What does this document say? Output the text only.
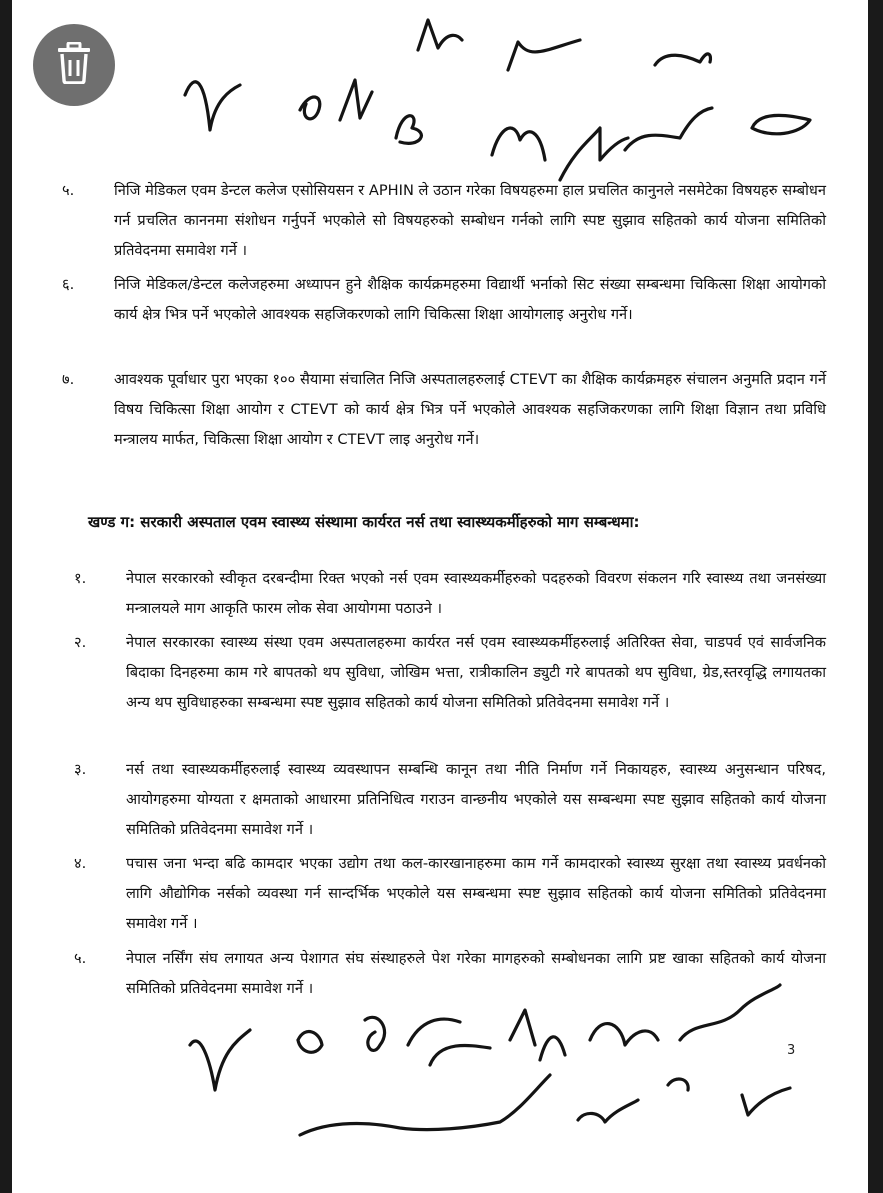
५.	निजि मेडिकल एवम डेन्टल कलेज एसोसियसन र APHIN ले उठान गरेका विषयहरुमा हाल प्रचलित कानुनले नसमेटेका विषयहरु सम्बोधन गर्न प्रचलित काननमा संशोधन गर्नुपर्ने भएकोले सो विषयहरुको सम्बोधन गर्नको लागि स्पष्ट सुझाव सहितको कार्य योजना समितिको प्रतिवेदनमा समावेश गर्ने ।
६.	निजि मेडिकल/डेन्टल कलेजहरुमा अध्यापन हुने शैक्षिक कार्यक्रमहरुमा विद्यार्थी भर्नाको सिट संख्या सम्बन्धमा चिकित्सा शिक्षा आयोगको कार्य क्षेत्र भित्र पर्ने भएकोले आवश्यक सहजिकरणको लागि चिकित्सा शिक्षा आयोगलाइ अनुरोध गर्ने।
७.	आवश्यक पूर्वाधार पुरा भएका १०० सैयामा संचालित निजि अस्पतालहरुलाई CTEVT का शैक्षिक कार्यक्रमहरु संचालन अनुमति प्रदान गर्ने विषय चिकित्सा शिक्षा आयोग र CTEVT को कार्य क्षेत्र भित्र पर्ने भएकोले आवश्यक सहजिकरणका लागि शिक्षा विज्ञान तथा प्रविधि मन्त्रालय मार्फत, चिकित्सा शिक्षा आयोग र CTEVT लाइ अनुरोध गर्ने।
खण्ड ग: सरकारी अस्पताल एवम स्वास्थ्य संस्थामा कार्यरत नर्स तथा स्वास्थ्यकर्मीहरुको माग सम्बन्धमा:
१.	नेपाल सरकारको स्वीकृत दरबन्दीमा रिक्त भएको नर्स एवम स्वास्थ्यकर्मीहरुको पदहरुको विवरण संकलन गरि स्वास्थ्य तथा जनसंख्या मन्त्रालयले माग आकृति फारम लोक सेवा आयोगमा पठाउने ।
२.	नेपाल सरकारका स्वास्थ्य संस्था एवम अस्पतालहरुमा कार्यरत नर्स एवम स्वास्थ्यकर्मीहरुलाई अतिरिक्त सेवा, चाडपर्व एवं सार्वजनिक बिदाका दिनहरुमा काम गरे बापतको थप सुविधा, जोखिम भत्ता, रात्रीकालिन ड्युटी गरे बापतको थप सुविधा, ग्रेड,स्तरवृद्धि लगायतका अन्य थप सुविधाहरुका सम्बन्धमा स्पष्ट सुझाव सहितको कार्य योजना समितिको प्रतिवेदनमा समावेश गर्ने ।
३.	नर्स तथा स्वास्थ्यकर्मीहरुलाई स्वास्थ्य व्यवस्थापन सम्बन्धि कानून तथा नीति निर्माण गर्ने निकायहरु, स्वास्थ्य अनुसन्धान परिषद, आयोगहरुमा योग्यता र क्षमताको आधारमा प्रतिनिधित्व गराउन वान्छनीय भएकोले यस सम्बन्धमा स्पष्ट सुझाव सहितको कार्य योजना समितिको प्रतिवेदनमा समावेश गर्ने ।
४.	पचास जना भन्दा बढि कामदार भएका उद्योग तथा कल-कारखानाहरुमा काम गर्ने कामदारको स्वास्थ्य सुरक्षा तथा स्वास्थ्य प्रवर्धनको लागि औद्योगिक नर्सको व्यवस्था गर्न सान्दर्भिक भएकोले यस सम्बन्धमा स्पष्ट सुझाव सहितको कार्य योजना समितिको प्रतिवेदनमा समावेश गर्ने ।
५.	नेपाल नर्सिंग संघ लगायत अन्य पेशागत संघ संस्थाहरुले पेश गरेका मागहरुको सम्बोधनका लागि प्रष्ट खाका सहितको कार्य योजना समितिको प्रतिवेदनमा समावेश गर्ने ।
3
